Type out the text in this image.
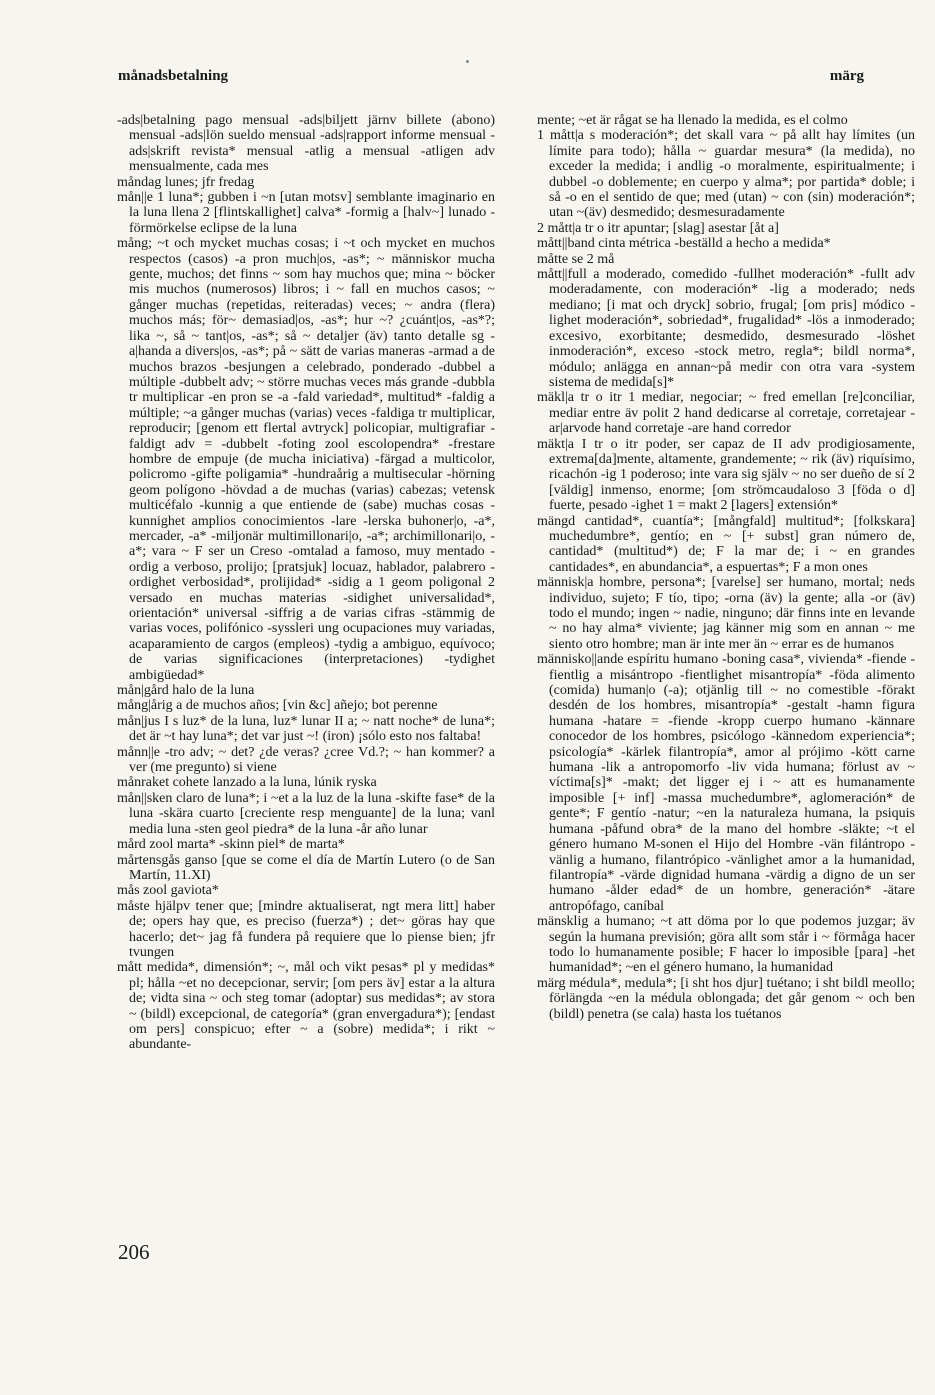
månadsbetalning	märg

-ads|betalning pago mensual -ads|biljett järnv billete (abono) mensual -ads|lön sueldo mensual -ads|rapport informe mensual -ads|skrift revista* mensual -atlig a mensual -atligen adv mensualmente, cada mes

måndag lunes; jfr fredag

mån||e 1 luna*; gubben i ~n [utan motsv] semblante imaginario en la luna llena 2 [flintskallighet] calva* -formig a [halv~] lunado -förmörkelse eclipse de la luna

mång; ~t och mycket muchas cosas; i ~t och mycket en muchos respectos (casos) -a pron much|os, -as*; ~ människor mucha gente, muchos; det finns ~ som hay muchos que; mina ~ böcker mis muchos (numerosos) libros; i ~ fall en muchos casos; ~ gånger muchas (repetidas, reiteradas) veces; ~ andra (flera) muchos más; för~ demasiad|os, -as*; hur ~? ¿cuánt|os, -as*?; lika ~, så ~ tant|os, -as*; så ~ detaljer (äv) tanto detalle sg -a|handa a divers|os, -as*; på ~ sätt de varias maneras -armad a de muchos brazos -besjungen a celebrado, ponderado -dubbel a múltiple -dubbelt adv; ~ större muchas veces más grande -dubbla tr multiplicar -en pron se -a -fald variedad*, multitud* -faldig a múltiple; ~a gånger muchas (varias) veces -faldiga tr multiplicar, reproducir; [genom ett flertal avtryck] policopiar, multigrafiar -faldigt adv = -dubbelt -foting zool escolopendra* -frestare hombre de empuje (de mucha iniciativa) -färgad a multicolor, policromo -gifte poligamia* -hundraårig a multisecular -hörning geom polígono -hövdad a de muchas (varias) cabezas; vetensk multicéfalo -kunnig a que entiende de (sabe) muchas cosas -kunnighet amplios conocimientos -lare -lerska buhoner|o, -a*, mercader, -a* -miljonär multimillonari|o, -a*; archimillonari|o, -a*; vara ~ F ser un Creso -omtalad a famoso, muy mentado -ordig a verboso, prolijo; [pratsjuk] locuaz, hablador, palabrero -ordighet verbosidad*, prolijidad* -sidig a 1 geom poligonal 2 versado en muchas materias -sidighet universalidad*, orientación* universal -siffrig a de varias cifras -stämmig de varias voces, polifónico -syssleri ung ocupaciones muy variadas, acaparamiento de cargos (empleos) -tydig a ambiguo, equívoco; de varias significaciones (interpretaciones) -tydighet ambigüedad*

mån|gård halo de la luna

mång|årig a de muchos años; [vin &c] añejo; bot perenne

mån|jus I s luz* de la luna, luz* lunar II a; ~ natt noche* de luna*; det är ~t hay luna*; det var just ~! (iron) ¡sólo esto nos faltaba!

månn||e -tro adv; ~ det? ¿de veras? ¿cree Vd.?; ~ han kommer? a ver (me pregunto) si viene

månraket cohete lanzado a la luna, lúnik ryska

mån||sken claro de luna*; i ~et a la luz de la luna -skifte fase* de la luna -skära cuarto [creciente resp menguante] de la luna; vanl media luna -sten geol piedra* de la luna -år año lunar

mård zool marta* -skinn piel* de marta*

mårtensgås ganso [que se come el día de Martín Lutero (o de San Martín, 11.XI)

mås zool gaviota*

måste hjälpv tener que; [mindre aktualiserat, ngt mera litt] haber de; opers hay que, es preciso (fuerza*) ; det~ göras hay que hacerlo; det~ jag få fundera på requiere que lo piense bien; jfr tvungen

mått medida*, dimensión*; ~, mål och vikt pesas* pl y medidas* pl; hålla ~et no decepcionar, servir; [om pers äv] estar a la altura de; vidta sina ~ och steg tomar (adoptar) sus medidas*; av stora ~ (bildl) excepcional, de categoría* (gran envergadura*); [endast om pers] conspicuo; efter ~ a (sobre) medida*; i rikt ~ abundante-

mente; ~et är rågat se ha llenado la medida, es el colmo

1 mått|a s moderación*; det skall vara ~ på allt hay límites (un límite para todo); hålla ~ guardar mesura* (la medida), no exceder la medida; i andlig -o moralmente, espiritualmente; i dubbel -o doblemente; en cuerpo y alma*; por partida* doble; i så -o en el sentido de que; med (utan) ~ con (sin) moderación*; utan ~(äv) desmedido; desmesuradamente

2 mått|a tr o itr apuntar; [slag] asestar [åt a]

mått||band cinta métrica -beställd a hecho a medida*

måtte se 2 må

mått||full a moderado, comedido -fullhet moderación* -fullt adv moderadamente, con moderación* -lig a moderado; neds mediano; [i mat och dryck] sobrio, frugal; [om pris] módico -lighet moderación*, sobriedad*, frugalidad* -lös a inmoderado; excesivo, exorbitante; desmedido, desmesurado -löshet inmoderación*, exceso -stock metro, regla*; bildl norma*, módulo; anlägga en annan~på medir con otra vara -system sistema de medida[s]*

mäkl|a tr o itr 1 mediar, negociar; ~ fred emellan [re]conciliar, mediar entre äv polit 2 hand dedicarse al corretaje, corretajear -ar|arvode hand corretaje -are hand corredor

mäkt|a I tr o itr poder, ser capaz de II adv prodigiosamente, extrema[da]mente, altamente, grandemente; ~ rik (äv) riquísimo, ricachón -ig 1 poderoso; inte vara sig själv ~ no ser dueño de sí 2 [väldig] inmenso, enorme; [om strömcaudaloso 3 [föda o d] fuerte, pesado -ighet 1 = makt 2 [lagers] extensión*

mängd cantidad*, cuantía*; [mångfald] multitud*; [folkskara] muchedumbre*, gentío; en ~ [+ subst] gran número de, cantidad* (multitud*) de; F la mar de; i ~ en grandes cantidades*, en abundancia*, a espuertas*; F a mon ones

människ|a hombre, persona*; [varelse] ser humano, mortal; neds individuo, sujeto; F tío, tipo; -orna (äv) la gente; alla -or (äv) todo el mundo; ingen ~ nadie, ninguno; där finns inte en levande ~ no hay alma* viviente; jag känner mig som en annan ~ me siento otro hombre; man är inte mer än ~ errar es de humanos

människo||ande espíritu humano -boning casa*, vivienda* -fiende -fientlig a misántropo -fientlighet misantropía* -föda alimento (comida) human|o (-a); otjänlig till ~ no comestible -förakt desdén de los hombres, misantropía* -gestalt -hamn figura humana -hatare = -fiende -kropp cuerpo humano -kännare conocedor de los hombres, psicólogo -kännedom experiencia*; psicología* -kärlek filantropía*, amor al prójimo -kött carne humana -lik a antropomorfo -liv vida humana; förlust av ~ víctima[s]* -makt; det ligger ej i ~ att es humanamente imposible [+ inf] -massa muchedumbre*, aglomeración* de gente*; F gentío -natur; ~en la naturaleza humana, la psiquis humana -påfund obra* de la mano del hombre -släkte; ~t el género humano M-sonen el Hijo del Hombre -vän filántropo -vänlig a humano, filantrópico -vänlighet amor a la humanidad, filantropía* -värde dignidad humana -värdig a digno de un ser humano -ålder edad* de un hombre, generación* -ätare antropófago, caníbal

mänsklig a humano; ~t att döma por lo que podemos juzgar; äv según la humana previsión; göra allt som står i ~ förmåga hacer todo lo humanamente posible; F hacer lo imposible [para] -het humanidad*; ~en el género humano, la humanidad

märg médula*, medula*; [i sht hos djur] tuétano; i sht bildl meollo; förlängda ~en la médula oblongada; det går genom ~ och ben (bildl) penetra (se cala) hasta los tuétanos

206
